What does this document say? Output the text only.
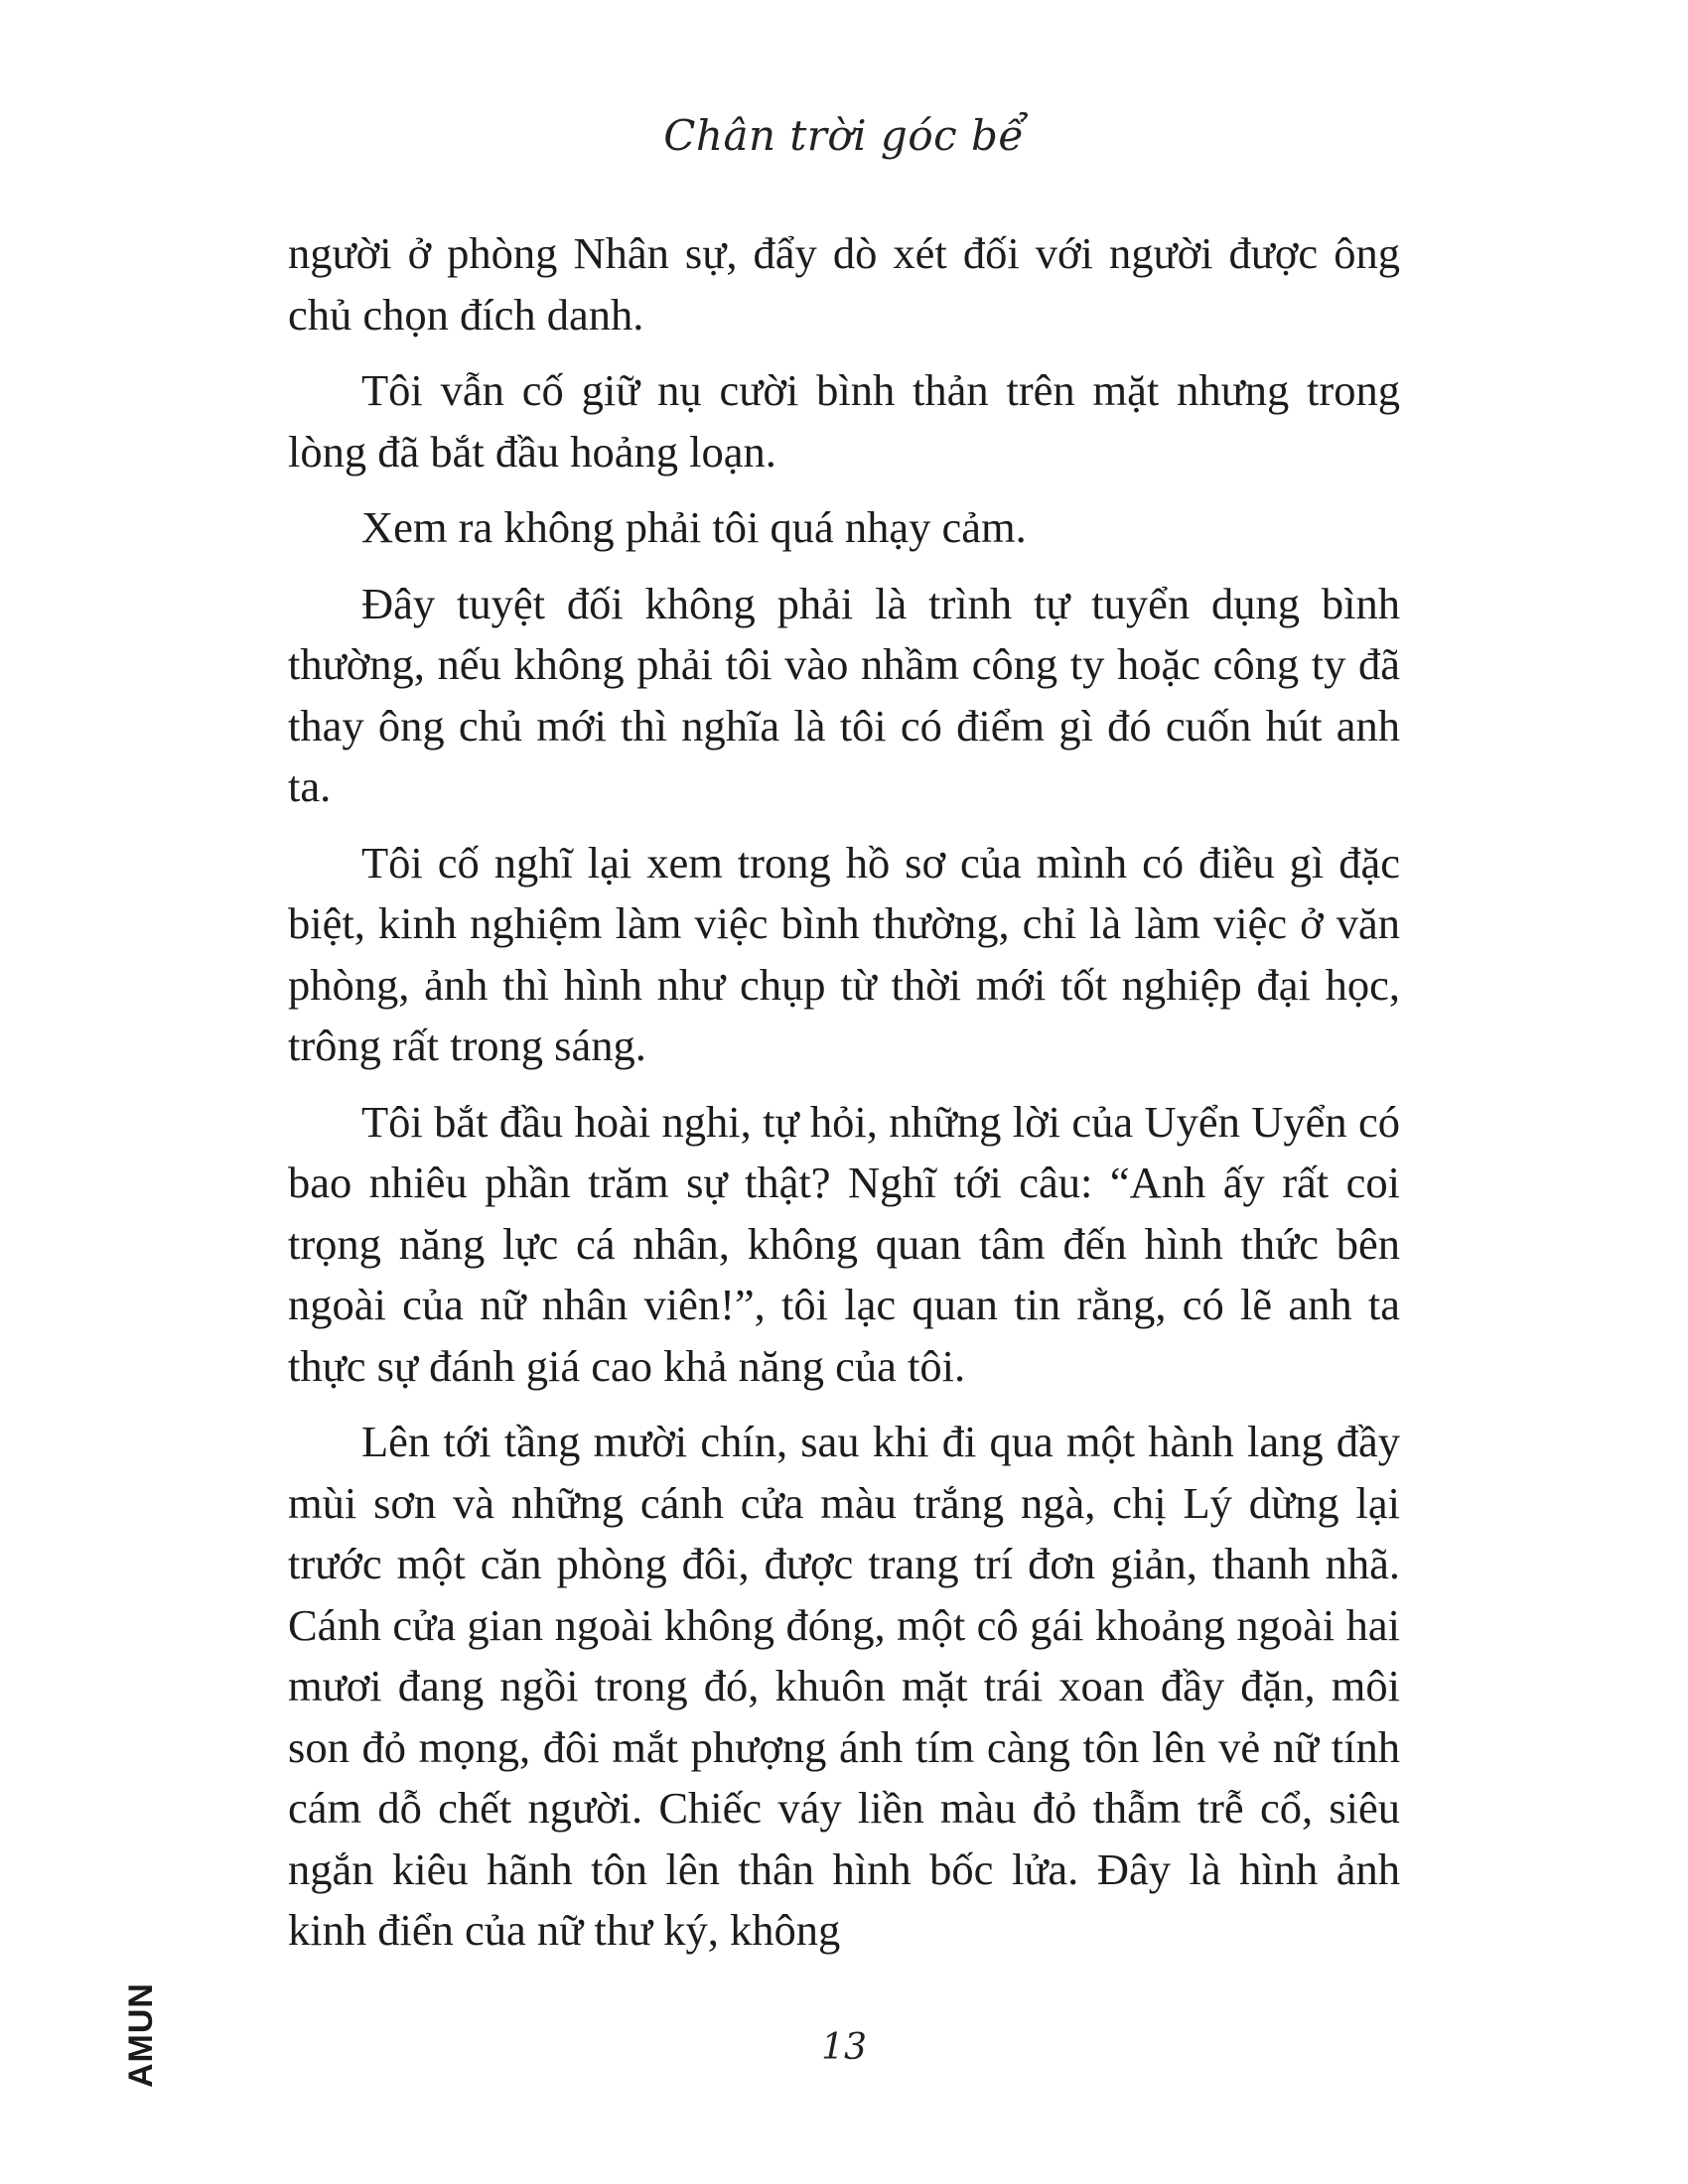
Chân trời góc bể

người ở phòng Nhân sự, đẩy dò xét đối với người được ông chủ chọn đích danh.

Tôi vẫn cố giữ nụ cười bình thản trên mặt nhưng trong lòng đã bắt đầu hoảng loạn.

Xem ra không phải tôi quá nhạy cảm.

Đây tuyệt đối không phải là trình tự tuyển dụng bình thường, nếu không phải tôi vào nhầm công ty hoặc công ty đã thay ông chủ mới thì nghĩa là tôi có điểm gì đó cuốn hút anh ta.

Tôi cố nghĩ lại xem trong hồ sơ của mình có điều gì đặc biệt, kinh nghiệm làm việc bình thường, chỉ là làm việc ở văn phòng, ảnh thì hình như chụp từ thời mới tốt nghiệp đại học, trông rất trong sáng.

Tôi bắt đầu hoài nghi, tự hỏi, những lời của Uyển Uyển có bao nhiêu phần trăm sự thật? Nghĩ tới câu: “Anh ấy rất coi trọng năng lực cá nhân, không quan tâm đến hình thức bên ngoài của nữ nhân viên!”, tôi lạc quan tin rằng, có lẽ anh ta thực sự đánh giá cao khả năng của tôi.

Lên tới tầng mười chín, sau khi đi qua một hành lang đầy mùi sơn và những cánh cửa màu trắng ngà, chị Lý dừng lại trước một căn phòng đôi, được trang trí đơn giản, thanh nhã. Cánh cửa gian ngoài không đóng, một cô gái khoảng ngoài hai mươi đang ngồi trong đó, khuôn mặt trái xoan đầy đặn, môi son đỏ mọng, đôi mắt phượng ánh tím càng tôn lên vẻ nữ tính cám dỗ chết người. Chiếc váy liền màu đỏ thẫm trễ cổ, siêu ngắn kiêu hãnh tôn lên thân hình bốc lửa. Đây là hình ảnh kinh điển của nữ thư ký, không

13
AMUN
